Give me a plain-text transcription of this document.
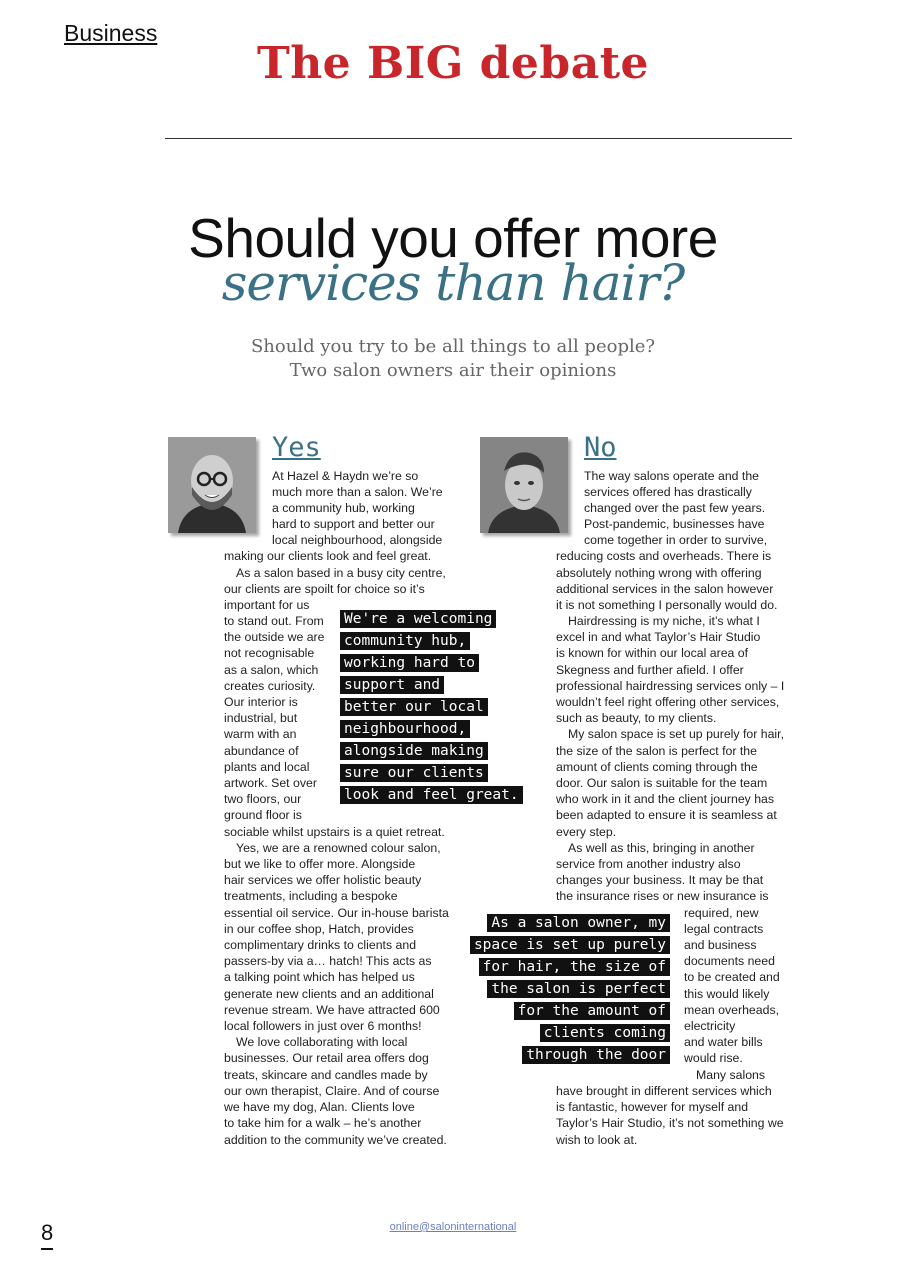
Business
The BIG debate
Should you offer more
services than hair?
Should you try to be all things to all people?
Two salon owners air their opinions
Yes
At Hazel & Haydn we’re so
much more than a salon. We’re
a community hub, working
hard to support and better our
local neighbourhood, alongside
making our clients look and feel great.
As a salon based in a busy city centre,
our clients are spoilt for choice so it’s
important for us
to stand out. From
the outside we are
not recognisable
as a salon, which
creates curiosity.
Our interior is
industrial, but
warm with an
abundance of
plants and local
artwork. Set over
two floors, our
ground floor is
sociable whilst upstairs is a quiet retreat.
Yes, we are a renowned colour salon,
but we like to offer more. Alongside
hair services we offer holistic beauty
treatments, including a bespoke
essential oil service. Our in-house barista
in our coffee shop, Hatch, provides
complimentary drinks to clients and
passers-by via a… hatch! This acts as
a talking point which has helped us
generate new clients and an additional
revenue stream. We have attracted 600
local followers in just over 6 months!
We love collaborating with local
businesses. Our retail area offers dog
treats, skincare and candles made by
our own therapist, Claire. And of course
we have my dog, Alan. Clients love
to take him for a walk – he’s another
addition to the community we’ve created.
We're a welcoming
community hub,
working hard to
support and
better our local
neighbourhood,
alongside making
sure our clients
look and feel great.
No
The way salons operate and the
services offered has drastically
changed over the past few years.
Post-pandemic, businesses have
come together in order to survive,
reducing costs and overheads. There is
absolutely nothing wrong with offering
additional services in the salon however
it is not something I personally would do.
Hairdressing is my niche, it’s what I
excel in and what Taylor’s Hair Studio
is known for within our local area of
Skegness and further afield. I offer
professional hairdressing services only – I
wouldn’t feel right offering other services,
such as beauty, to my clients.
My salon space is set up purely for hair,
the size of the salon is perfect for the
amount of clients coming through the
door. Our salon is suitable for the team
who work in it and the client journey has
been adapted to ensure it is seamless at
every step.
As well as this, bringing in another
service from another industry also
changes your business. It may be that
the insurance rises or new insurance is
required, new
legal contracts
and business
documents need
to be created and
this would likely
mean overheads,
electricity
and water bills
would rise.
Many salons
have brought in different services which
is fantastic, however for myself and
Taylor’s Hair Studio, it’s not something we
wish to look at.
As a salon owner, my
space is set up purely
for hair, the size of
the salon is perfect
for the amount of
clients coming
through the door
8	online@saloninternational
